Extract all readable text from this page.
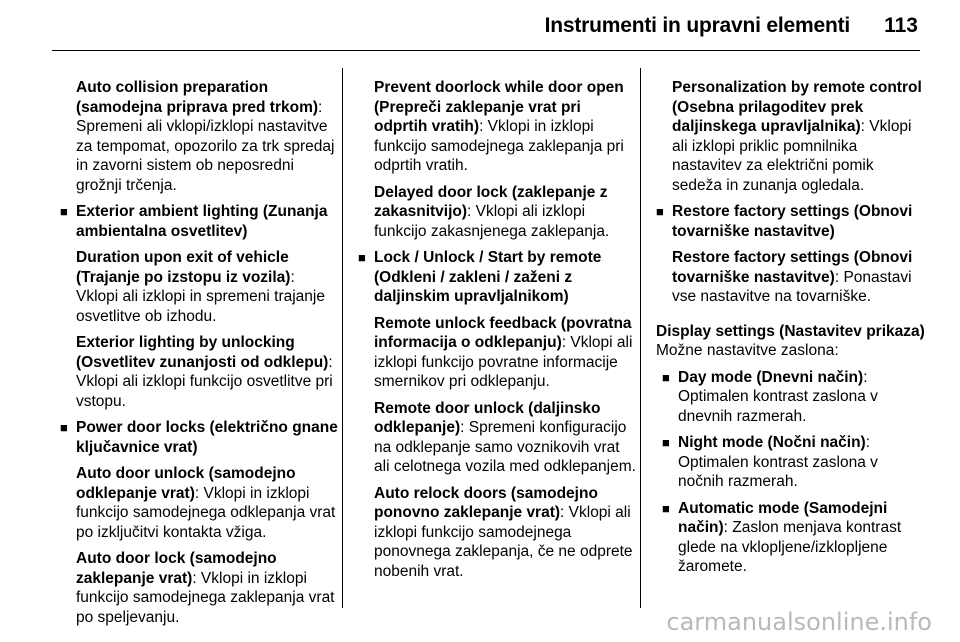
Instrumenti in upravni elementi 113
Auto collision preparation (samodejna priprava pred trkom): Spremeni ali vklopi/izklopi nastavitve za tempomat, opozorilo za trk spredaj in zavorni sistem ob neposredni grožnji trčenja.
■ Exterior ambient lighting (Zunanja ambientalna osvetlitev)
Duration upon exit of vehicle (Trajanje po izstopu iz vozila): Vklopi ali izklopi in spremeni trajanje osvetlitve ob izhodu.
Exterior lighting by unlocking (Osvetlitev zunanjosti od odklepu): Vklopi ali izklopi funkcijo osvetlitve pri vstopu.
■ Power door locks (električno gnane ključavnice vrat)
Auto door unlock (samodejno odklepanje vrat): Vklopi in izklopi funkcijo samodejnega odklepanja vrat po izključitvi kontakta vžiga.
Auto door lock (samodejno zaklepanje vrat): Vklopi in izklopi funkcijo samodejnega zaklepanja vrat po speljevanju.
Prevent doorlock while door open (Prepreči zaklepanje vrat pri odprtih vratih): Vklopi in izklopi funkcijo samodejnega zaklepanja pri odprtih vratih.
Delayed door lock (zaklepanje z zakasnitvijo): Vklopi ali izklopi funkcijo zakasnjenega zaklepanja.
■ Lock / Unlock / Start by remote (Odkleni / zakleni / zaženi z daljinskim upravljalnikom)
Remote unlock feedback (povratna informacija o odklepanju): Vklopi ali izklopi funkcijo povratne informacije smernikov pri odklepanju.
Remote door unlock (daljinsko odklepanje): Spremeni konfiguracijo na odklepanje samo voznikovih vrat ali celotnega vozila med odklepanjem.
Auto relock doors (samodejno ponovno zaklepanje vrat): Vklopi ali izklopi funkcijo samodejnega ponovnega zaklepanja, če ne odprete nobenih vrat.
Personalization by remote control (Osebna prilagoditev prek daljinskega upravljalnika): Vklopi ali izklopi priklic pomnilnika nastavitev za električni pomik sedeža in zunanja ogledala.
■ Restore factory settings (Obnovi tovarniške nastavitve)
Restore factory settings (Obnovi tovarniške nastavitve): Ponastavi vse nastavitve na tovarniške.
Display settings (Nastavitev prikaza)
Možne nastavitve zaslona:
■ Day mode (Dnevni način): Optimalen kontrast zaslona v dnevnih razmerah.
■ Night mode (Nočni način): Optimalen kontrast zaslona v nočnih razmerah.
■ Automatic mode (Samodejni način): Zaslon menjava kontrast glede na vklopljene/izklopljene žaromete.
carmanualsonline.info
